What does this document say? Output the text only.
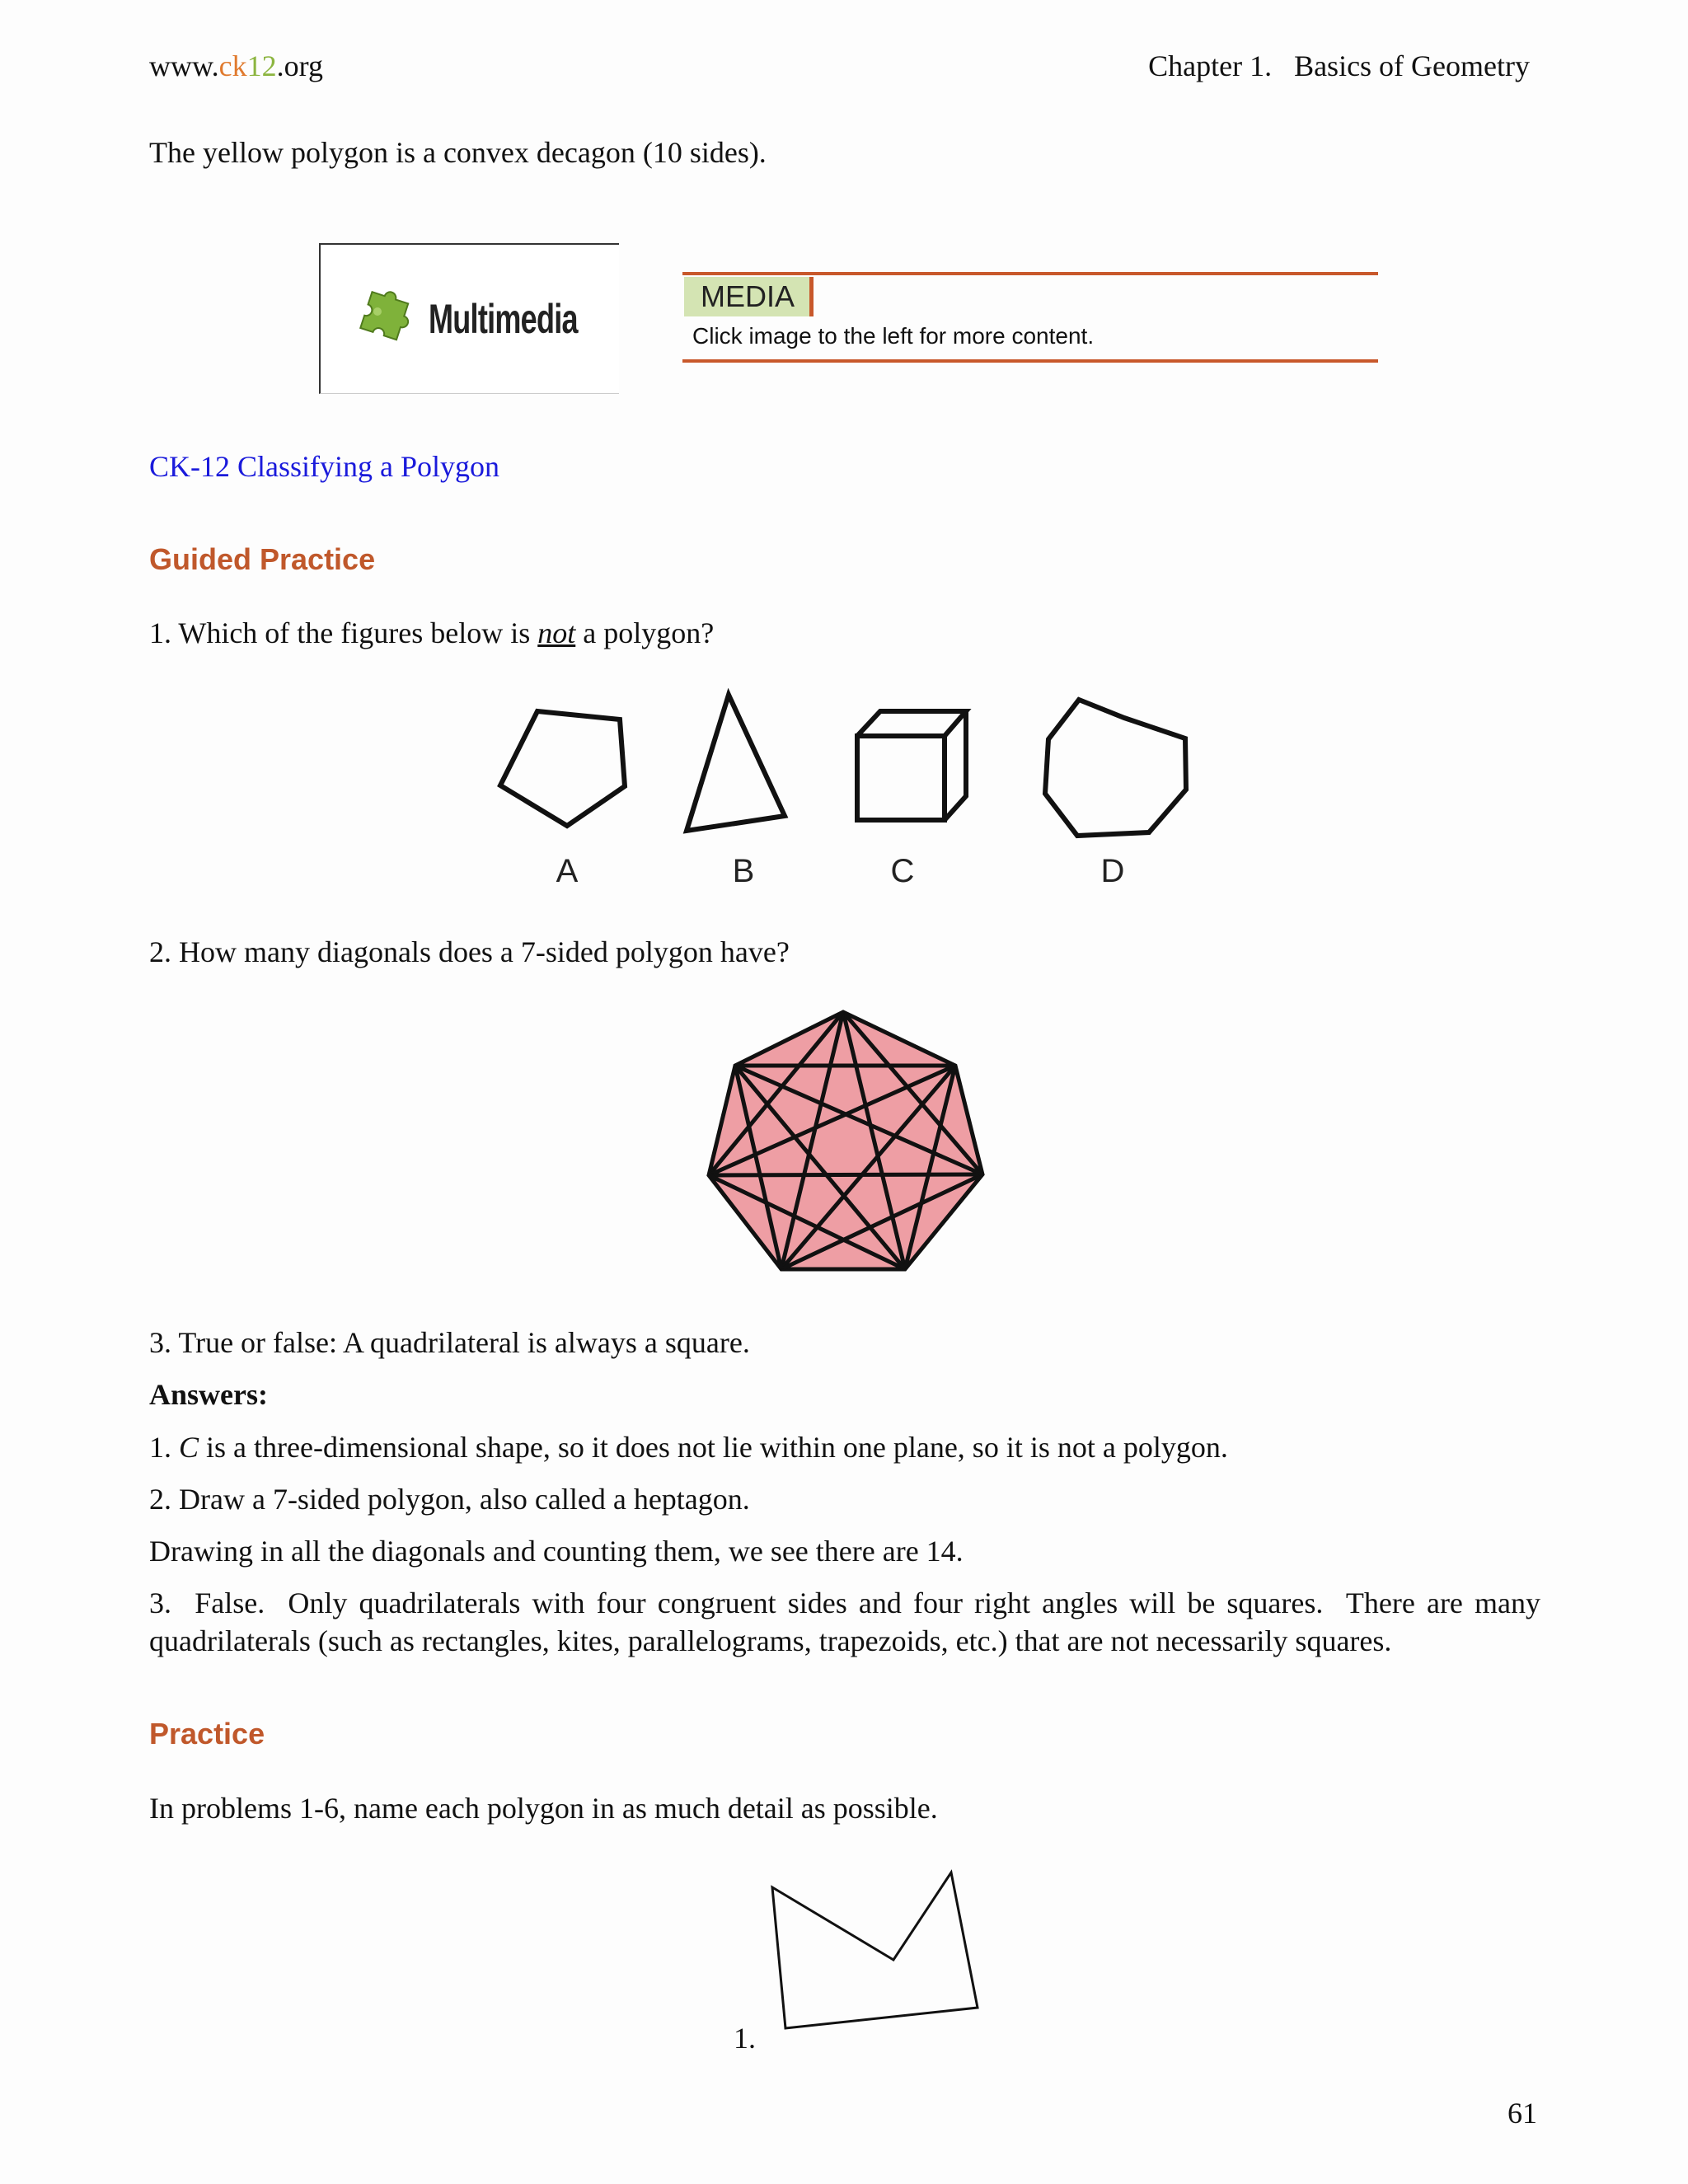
www.ck12.org	Chapter 1.   Basics of Geometry
The yellow polygon is a convex decagon (10 sides).
Multimedia	MEDIA
Click image to the left for more content.
CK-12 Classifying a Polygon
Guided Practice
1. Which of the figures below is not a polygon?
A	B	C	D
2. How many diagonals does a 7-sided polygon have?
3. True or false: A quadrilateral is always a square.
Answers:
1. C is a three-dimensional shape, so it does not lie within one plane, so it is not a polygon.
2. Draw a 7-sided polygon, also called a heptagon.
Drawing in all the diagonals and counting them, we see there are 14.
3.  False.  Only quadrilaterals with four congruent sides and four right angles will be squares.  There are many quadrilaterals (such as rectangles, kites, parallelograms, trapezoids, etc.) that are not necessarily squares.
Practice
In problems 1-6, name each polygon in as much detail as possible.
1.
61
